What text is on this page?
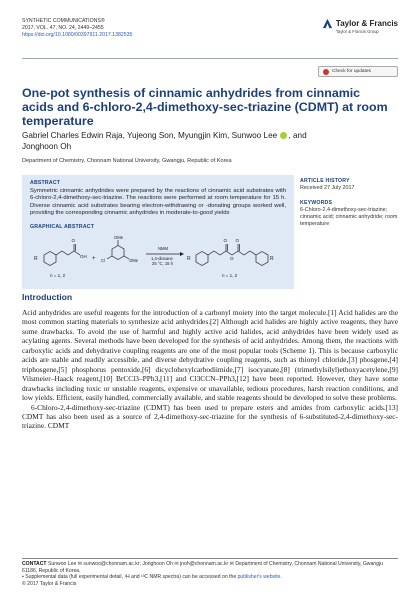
SYNTHETIC COMMUNICATIONS®
2017, VOL. 47, NO. 24, 2449–2455
https://doi.org/10.1080/00397911.2017.1382535
Taylor & Francis
Taylor & Francis Group
Check for updates
One-pot synthesis of cinnamic anhydrides from cinnamic acids and 6-chloro-2,4-dimethoxy-sec-triazine (CDMT) at room temperature
Gabriel Charles Edwin Raja, Yujeong Son, Myungjin Kim, Sunwoo Lee , and
Jonghoon Oh
Department of Chemistry, Chonnam National University, Gwangju, Republic of Korea
ABSTRACT
Symmetric cinnamic anhydrides were prepared by the reactions of cinnamic acid substrates with 6-chloro-2,4-dimethoxy-sec-triazine. The reactions were performed at room temperature for 15 h. Diverse cinnamic acid substrates bearing electron-withdrawing or -donating groups worked well, providing the corresponding cinnamic anhydrides in moderate-to-good yields
GRAPHICAL ABSTRACT
R
O
OH
n = 1, 2
+
OMe
OMe
Cl
NMM
1,4-dioxane
25 °C, 15 h
R	R
O O
O
n = 1, 2
ARTICLE HISTORY
Received 27 July 2017
KEYWORDS
6-Chloro-2,4-dimethoxy-sec-triazine; cinnamic acid; cinnamic anhydride; room temperature
Introduction

Acid anhydrides are useful reagents for the introduction of a carbonyl moiety into the target molecule.[1] Acid halides are the most common starting materials to synthesize acid anhydrides.[2] Although acid halides are highly active reagents, they have some drawbacks. To avoid the use of harmful and highly active acid halides, acid anhydrides have been widely used as acylating agents. Several methods have been developed for the synthesis of acid anhydrides. Among them, the reactions with carboxylic acids and dehydrative coupling reagents are one of the most popular tools (Scheme 1). This is because carboxylic acids are stable and readily accessible, and diverse dehydrative coupling reagents, such as thionyl chloride,[3] phosgene,[4] triphosgene,[5] phosphorus pentoxide,[6] dicyclohexylcarbodiimide,[7] isocyanate,[8] (trimethylsilyl)ethoxyacetylene,[9] Vilsmeier–Haack reagent,[10] BrCCl3–PPh3,[11] and Cl3CCN–PPh3,[12] have been reported. However, they have some drawbacks including toxic or unstable reagents, expensive or unavailable, tedious procedures, harsh reaction conditions, and low yields. Efficient, easily handled, commercially available, and stable reagents should be developed to solve these problems.

6-Chloro-2,4-dimethoxy-sec-triazine (CDMT) has been used to prepare esters and amides from carboxylic acids.[13] CDMT has also been used as a source of 2,4-dimethoxy-sec-triazine for the synthesis of 6-substituted-2,4-dimethoxy-sec-triazine. CDMT

CONTACT Sunwoo Lee ✉ sunwoo@chonnam.ac.kr; Jonghoon Oh ✉ jnoh@chonnam.ac.kr ✉ Department of Chemistry, Chonnam National University, Gwangju 61186, Republic of Korea.
▪ Supplemental data (full experimental detail, ¹H and ¹³C NMR spectra) can be accessed on the publisher's website.
© 2017 Taylor & Francis
